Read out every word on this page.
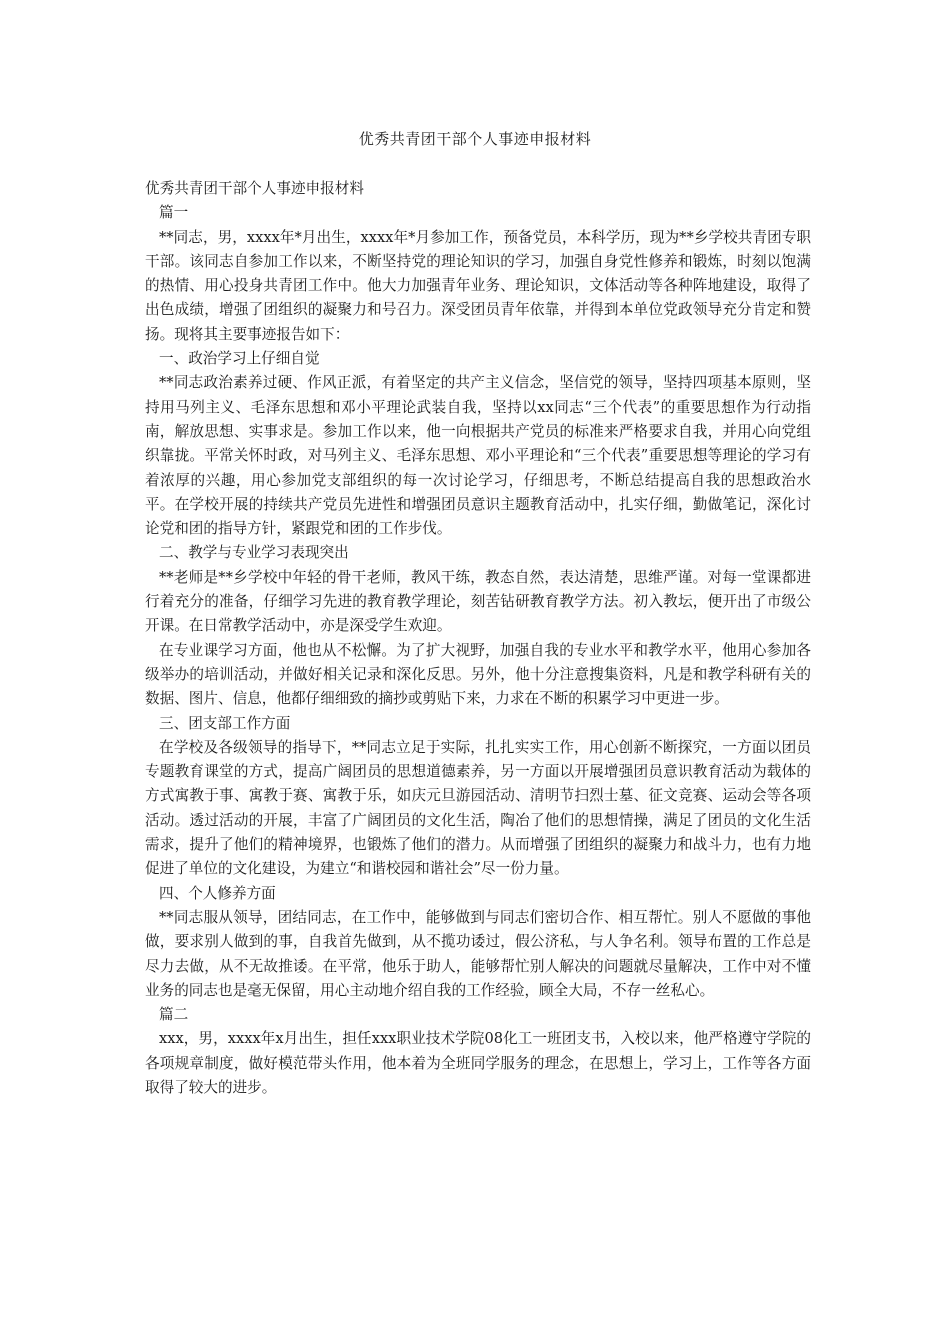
优秀共青团干部个人事迹申报材料

优秀共青团干部个人事迹申报材料

篇一

**同志，男，xxxx年*月出生，xxxx年*月参加工作，预备党员，本科学历，现为**乡学校共青团专职干部。该同志自参加工作以来，不断坚持党的理论知识的学习，加强自身党性修养和锻炼，时刻以饱满的热情、用心投身共青团工作中。他大力加强青年业务、理论知识，文体活动等各种阵地建设，取得了出色成绩，增强了团组织的凝聚力和号召力。深受团员青年依靠，并得到本单位党政领导充分肯定和赞扬。现将其主要事迹报告如下：

一、政治学习上仔细自觉

**同志政治素养过硬、作风正派，有着坚定的共产主义信念，坚信党的领导，坚持四项基本原则，坚持用马列主义、毛泽东思想和邓小平理论武装自我，坚持以xx同志“三个代表”的重要思想作为行动指南，解放思想、实事求是。参加工作以来，他一向根据共产党员的标准来严格要求自我，并用心向党组织靠拢。平常关怀时政，对马列主义、毛泽东思想、邓小平理论和“三个代表”重要思想等理论的学习有着浓厚的兴趣，用心参加党支部组织的每一次讨论学习，仔细思考，不断总结提高自我的思想政治水平。在学校开展的持续共产党员先进性和增强团员意识主题教育活动中，扎实仔细，勤做笔记，深化讨论党和团的指导方针，紧跟党和团的工作步伐。

二、教学与专业学习表现突出

**老师是**乡学校中年轻的骨干老师，教风干练，教态自然，表达清楚，思维严谨。对每一堂课都进行着充分的准备，仔细学习先进的教育教学理论，刻苦钻研教育教学方法。初入教坛，便开出了市级公开课。在日常教学活动中，亦是深受学生欢迎。

在专业课学习方面，他也从不松懈。为了扩大视野，加强自我的专业水平和教学水平，他用心参加各级举办的培训活动，并做好相关记录和深化反思。另外，他十分注意搜集资料，凡是和教学科研有关的数据、图片、信息，他都仔细细致的摘抄或剪贴下来，力求在不断的积累学习中更进一步。

三、团支部工作方面

在学校及各级领导的指导下，**同志立足于实际，扎扎实实工作，用心创新不断探究，一方面以团员专题教育课堂的方式，提高广阔团员的思想道德素养，另一方面以开展增强团员意识教育活动为载体的方式寓教于事、寓教于赛、寓教于乐，如庆元旦游园活动、清明节扫烈士墓、征文竞赛、运动会等各项活动。透过活动的开展，丰富了广阔团员的文化生活，陶冶了他们的思想情操，满足了团员的文化生活需求，提升了他们的精神境界，也锻炼了他们的潜力。从而增强了团组织的凝聚力和战斗力，也有力地促进了单位的文化建设，为建立“和谐校园和谐社会”尽一份力量。

四、个人修养方面

**同志服从领导，团结同志，在工作中，能够做到与同志们密切合作、相互帮忙。别人不愿做的事他做，要求别人做到的事，自我首先做到，从不揽功诿过，假公济私，与人争名利。领导布置的工作总是尽力去做，从不无故推诿。在平常，他乐于助人，能够帮忙别人解决的问题就尽量解决，工作中对不懂业务的同志也是毫无保留，用心主动地介绍自我的工作经验，顾全大局，不存一丝私心。

篇二

xxx，男，xxxx年x月出生，担任xxx职业技术学院08化工一班团支书，入校以来，他严格遵守学院的各项规章制度，做好模范带头作用，他本着为全班同学服务的理念，在思想上，学习上，工作等各方面取得了较大的进步。
